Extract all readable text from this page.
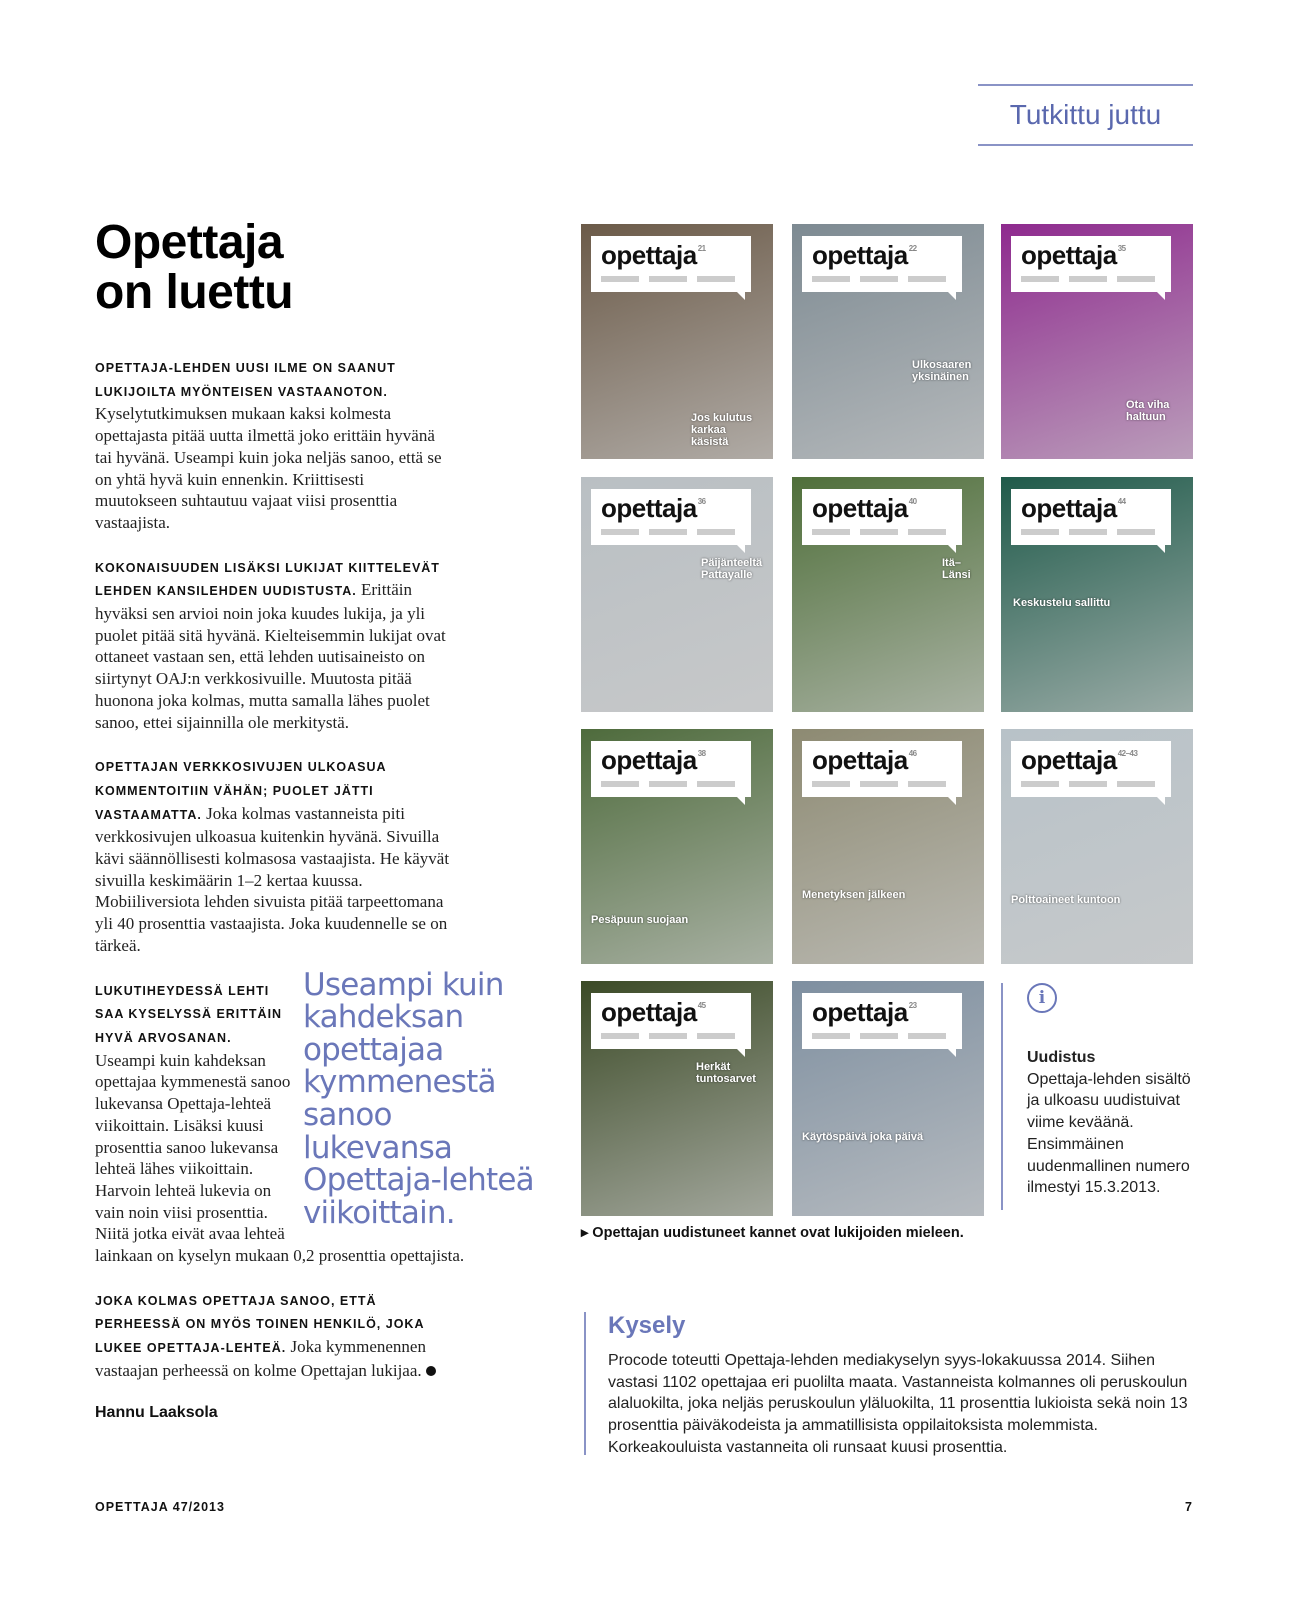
Tutkittu juttu
Opettaja
on luettu

OPETTAJA-LEHDEN UUSI ILME ON SAANUT LUKIJOILTA MYÖNTEISEN VASTAANOTON. Kyselytutkimuksen mukaan kaksi kolmesta opettajasta pitää uutta ilmettä joko erittäin hyvänä tai hyvänä. Useampi kuin joka neljäs sanoo, että se on yhtä hyvä kuin ennenkin. Kriittisesti muutokseen suhtautuu vajaat viisi prosenttia vastaajista.

KOKONAISUUDEN LISÄKSI LUKIJAT KIITTELEVÄT LEHDEN KANSILEHDEN UUDISTUSTA. Erittäin hyväksi sen arvioi noin joka kuudes lukija, ja yli puolet pitää sitä hyvänä. Kielteisemmin lukijat ovat ottaneet vastaan sen, että lehden uutisaineisto on siirtynyt OAJ:n verkkosivuille. Muutosta pitää huonona joka kolmas, mutta samalla lähes puolet sanoo, ettei sijainnilla ole merkitystä.

OPETTAJAN VERKKOSIVUJEN ULKOASUA KOMMENTOITIIN VÄHÄN; PUOLET JÄTTI VASTAAMATTA. Joka kolmas vastanneista piti verkkosivujen ulkoasua kuitenkin hyvänä. Sivuilla kävi säännöllisesti kolmasosa vastaajista. He käyvät sivuilla keskimäärin 1–2 kertaa kuussa. Mobiiliversiota lehden sivuista pitää tarpeettomana yli 40 prosenttia vastaajista. Joka kuudennelle se on tärkeä.

Useampi kuin kahdeksan opettajaa kymmenestä sanoo lukevansa Opettaja-lehteä viikoittain.

LUKUTIHEYDESSÄ LEHTI SAA KYSELYSSÄ ERITTÄIN HYVÄ ARVOSANAN. Useampi kuin kahdeksan opettajaa kymmenestä sanoo lukevansa Opettaja-lehteä viikoittain. Lisäksi kuusi prosenttia sanoo lukevansa lehteä lähes viikoittain. Harvoin lehteä lukevia on vain noin viisi prosenttia. Niitä jotka eivät avaa lehteä lainkaan on kyselyn mukaan 0,2 prosenttia opettajista.

JOKA KOLMAS OPETTAJA SANOO, ETTÄ PERHEESSÄ ON MYÖS TOINEN HENKILÖ, JOKA LUKEE OPETTAJA-LEHTEÄ. Joka kymmenennen vastaajan perheessä on kolme Opettajan lukijaa.

Hannu Laaksola
opettaja$^{21}$
Jos kulutus karkaa käsistä
opettaja$^{22}$
Ulkosaaren yksinäinen
opettaja$^{35}$
Ota viha haltuun
opettaja$^{36}$
Päijänteeltä Pattayalle
opettaja$^{40}$
Itä–Länsi
opettaja$^{44}$
Keskustelu sallittu
opettaja$^{38}$
Pesäpuun suojaan
opettaja$^{46}$
Menetyksen jälkeen
opettaja$^{42-43}$
Polttoaineet kuntoon
opettaja$^{45}$
Herkät tuntosarvet
opettaja$^{23}$
Käytöspäivä joka päivä
▸ Opettajan uudistuneet kannet ovat lukijoiden mieleen.
i
Uudistus
Opettaja-lehden sisältö ja ulkoasu uudistuivat viime keväänä. Ensimmäinen uudenmallinen numero ilmestyi 15.3.2013.
Kysely
Procode toteutti Opettaja-lehden mediakyselyn syys-lokakuussa 2014. Siihen vastasi 1102 opettajaa eri puolilta maata. Vastanneista kolmannes oli peruskoulun alaluokilta, joka neljäs peruskoulun yläluokilta, 11 prosenttia lukioista sekä noin 13 prosenttia päiväkodeista ja ammatillisista oppilaitoksista molemmista. Korkeakouluista vastanneita oli runsaat kuusi prosenttia.
OPETTAJA 47/2013	7
